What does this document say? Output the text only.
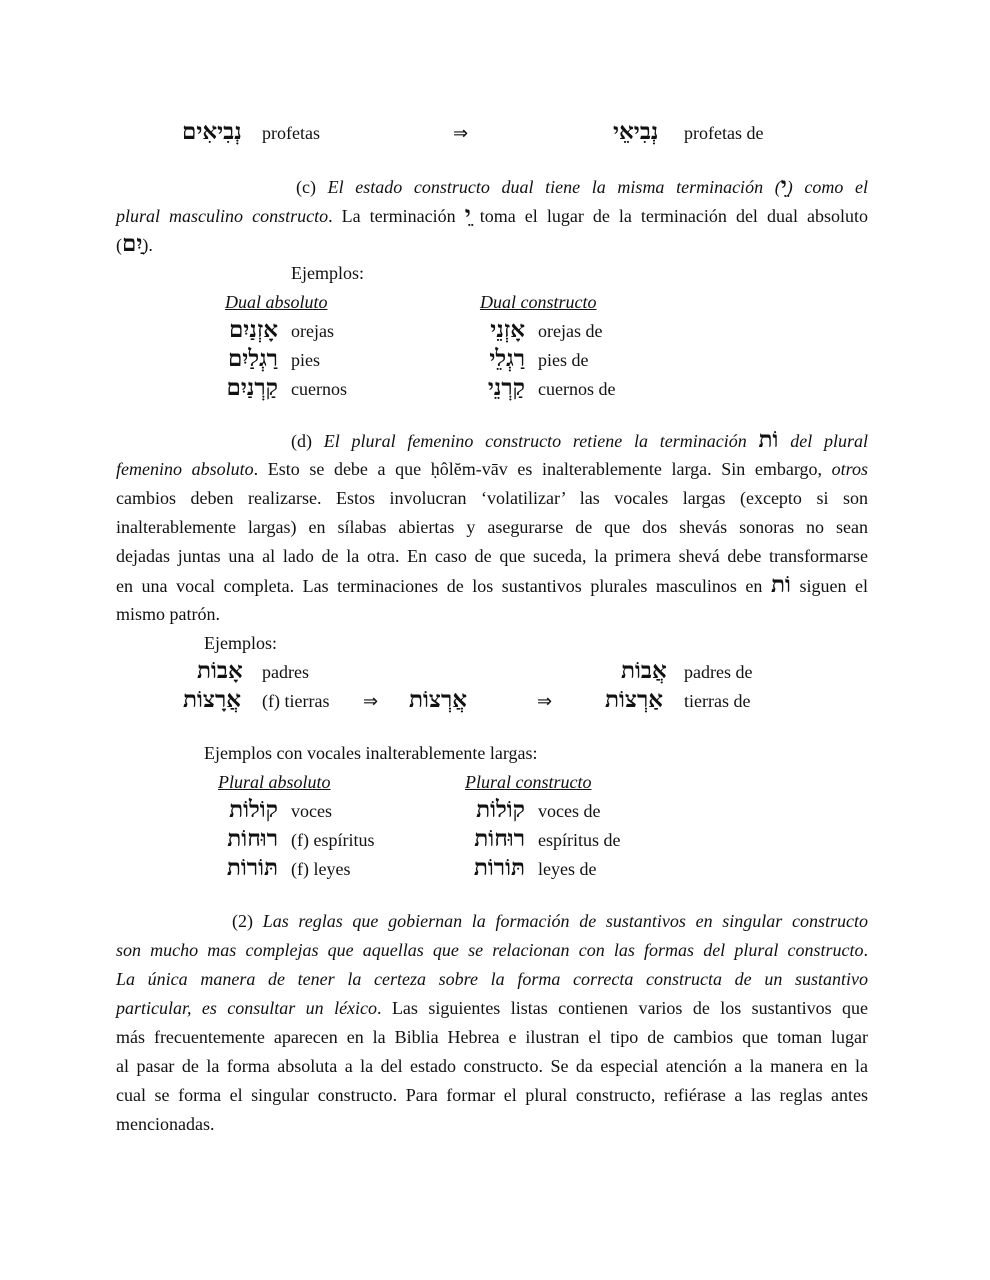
נְבִיאִים profetas	⇒	נְבִיאֵי profetas de
(c) El estado constructo dual tiene la misma terminación (ֵי) como el
plural masculino constructo. La terminación ֵי toma el lugar de la terminación del dual absoluto
(ַיִם).
Ejemplos:
Dual absoluto	Dual constructo
אָזְנַיִם orejas	אָזְנֵי orejas de
רַגְלַיִם pies	רַגְלֵי pies de
קַרְנַיִם cuernos	קַרְנֵי cuernos de
(d) El plural femenino constructo retiene la terminación וֹת del plural
femenino absoluto. Esto se debe a que ḥôlĕm-vāv es inalterablemente larga. Sin embargo, otros
cambios deben realizarse. Estos involucran ‘volatilizar’ las vocales largas (excepto si son
inalterablemente largas) en sílabas abiertas y asegurarse de que dos shevás sonoras no sean
dejadas juntas una al lado de la otra. En caso de que suceda, la primera shevá debe transformarse
en una vocal completa. Las terminaciones de los sustantivos plurales masculinos en וֹת siguen el
mismo patrón.
Ejemplos:
אָבוֹת padres	אֲבוֹת padres de
אֲרָצוֹת (f) tierras ⇒ אֲרְצוֹת	⇒ אַרְצוֹת tierras de
Ejemplos con vocales inalterablemente largas:
Plural absoluto	Plural constructo
קוֹלוֹת voces	קוֹלוֹת voces de
רוּחוֹת (f) espíritus	רוּחוֹת espíritus de
תּוֹרוֹת (f) leyes	תּוֹרוֹת leyes de
(2) Las reglas que gobiernan la formación de sustantivos en singular constructo
son mucho mas complejas que aquellas que se relacionan con las formas del plural constructo.
La única manera de tener la certeza sobre la forma correcta constructa de un sustantivo
particular, es consultar un léxico. Las siguientes listas contienen varios de los sustantivos que
más frecuentemente aparecen en la Biblia Hebrea e ilustran el tipo de cambios que toman lugar
al pasar de la forma absoluta a la del estado constructo. Se da especial atención a la manera en la
cual se forma el singular constructo. Para formar el plural constructo, refiérase a las reglas antes
mencionadas.
